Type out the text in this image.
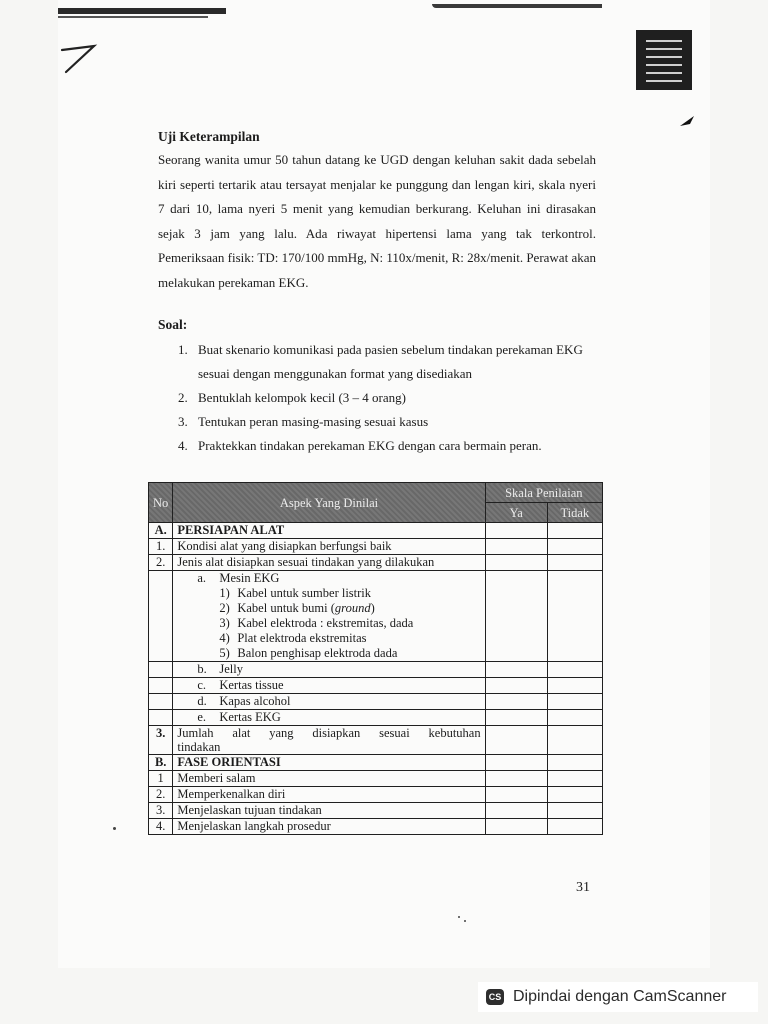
Uji Keterampilan

Seorang wanita umur 50 tahun datang ke UGD dengan keluhan sakit dada sebelah kiri seperti tertarik atau tersayat menjalar ke punggung dan lengan kiri, skala nyeri 7 dari 10, lama nyeri 5 menit yang kemudian berkurang. Keluhan ini dirasakan sejak 3 jam yang lalu. Ada riwayat hipertensi lama yang tak terkontrol. Pemeriksaan fisik: TD: 170/100 mmHg, N: 110x/menit, R: 28x/menit. Perawat akan melakukan perekaman EKG.

Soal:
1. Buat skenario komunikasi pada pasien sebelum tindakan perekaman EKG sesuai dengan menggunakan format yang disediakan
2. Bentuklah kelompok kecil (3 – 4 orang)
3. Tentukan peran masing-masing sesuai kasus
4. Praktekkan tindakan perekaman EKG dengan cara bermain peran.
No	Aspek Yang Dinilai	Skala Penilaian	
		Ya	Tidak
A.	PERSIAPAN ALAT		
1.	Kondisi alat yang disiapkan berfungsi baik		
2.	Jenis alat disiapkan sesuai tindakan yang dilakukan		
	a. Mesin EKG		
	1) Kabel untuk sumber listrik		
	2) Kabel untuk bumi (ground)		
	3) Kabel elektroda : ekstremitas, dada		
	4) Plat elektroda ekstremitas		
	5) Balon penghisap elektroda dada		
	b. Jelly		
	c. Kertas tissue		
	d. Kapas alcohol		
	e. Kertas EKG		
3.	Jumlah alat yang disiapkan sesuai kebutuhan
tindakan		

B.	FASE ORIENTASI		
1	Memberi salam		
2.	Memperkenalkan diri		
3.	Menjelaskan tujuan tindakan		
4.	Menjelaskan langkah prosedur		

31

CS Dipindai dengan CamScanner
